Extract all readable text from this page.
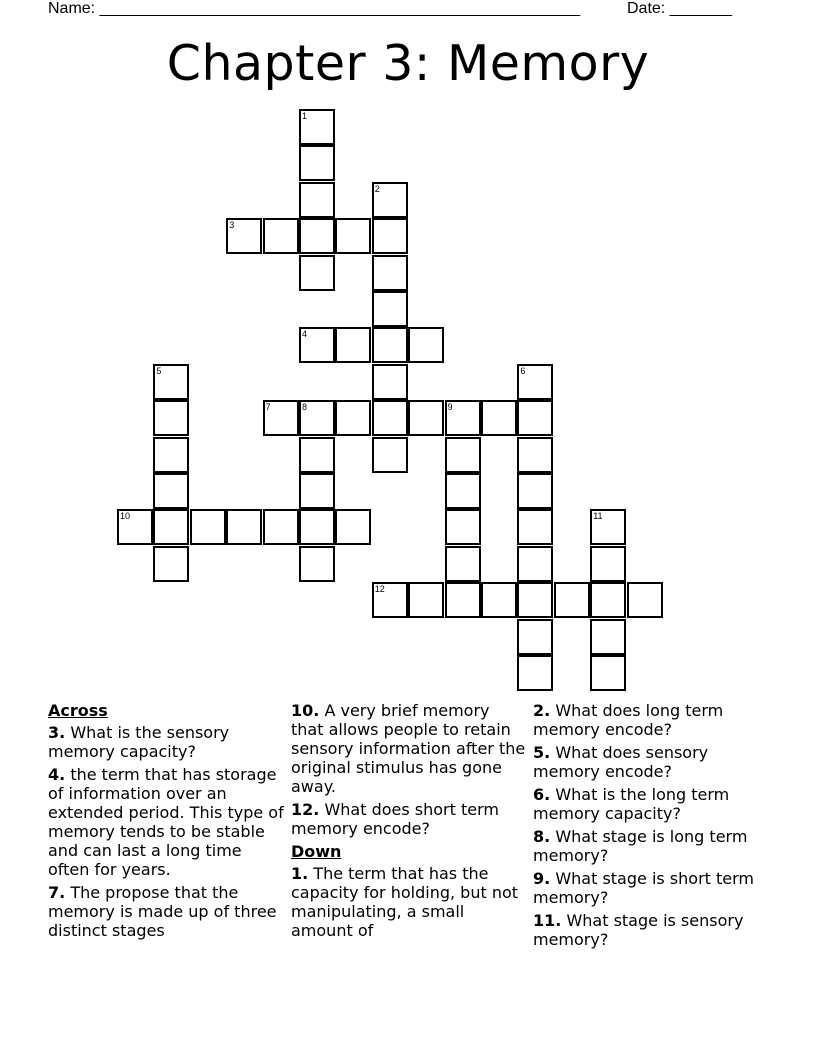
Name: ______________________________________________________	Date: _______
Chapter 3: Memory
1
2
3
4
5	6
7	8	9
10	11
12
Across
3. What is the sensory memory capacity?
4. the term that has storage of information over an extended period. This type of memory tends to be stable and can last a long time often for years.
7. The propose that the memory is made up of three distinct stages
10. A very brief memory that allows people to retain sensory information after the original stimulus has gone away.
12. What does short term memory encode?
Down
1. The term that has the capacity for holding, but not manipulating, a small amount of
2. What does long term memory encode?
5. What does sensory memory encode?
6. What is the long term memory capacity?
8. What stage is long term memory?
9. What stage is short term memory?
11. What stage is sensory memory?
